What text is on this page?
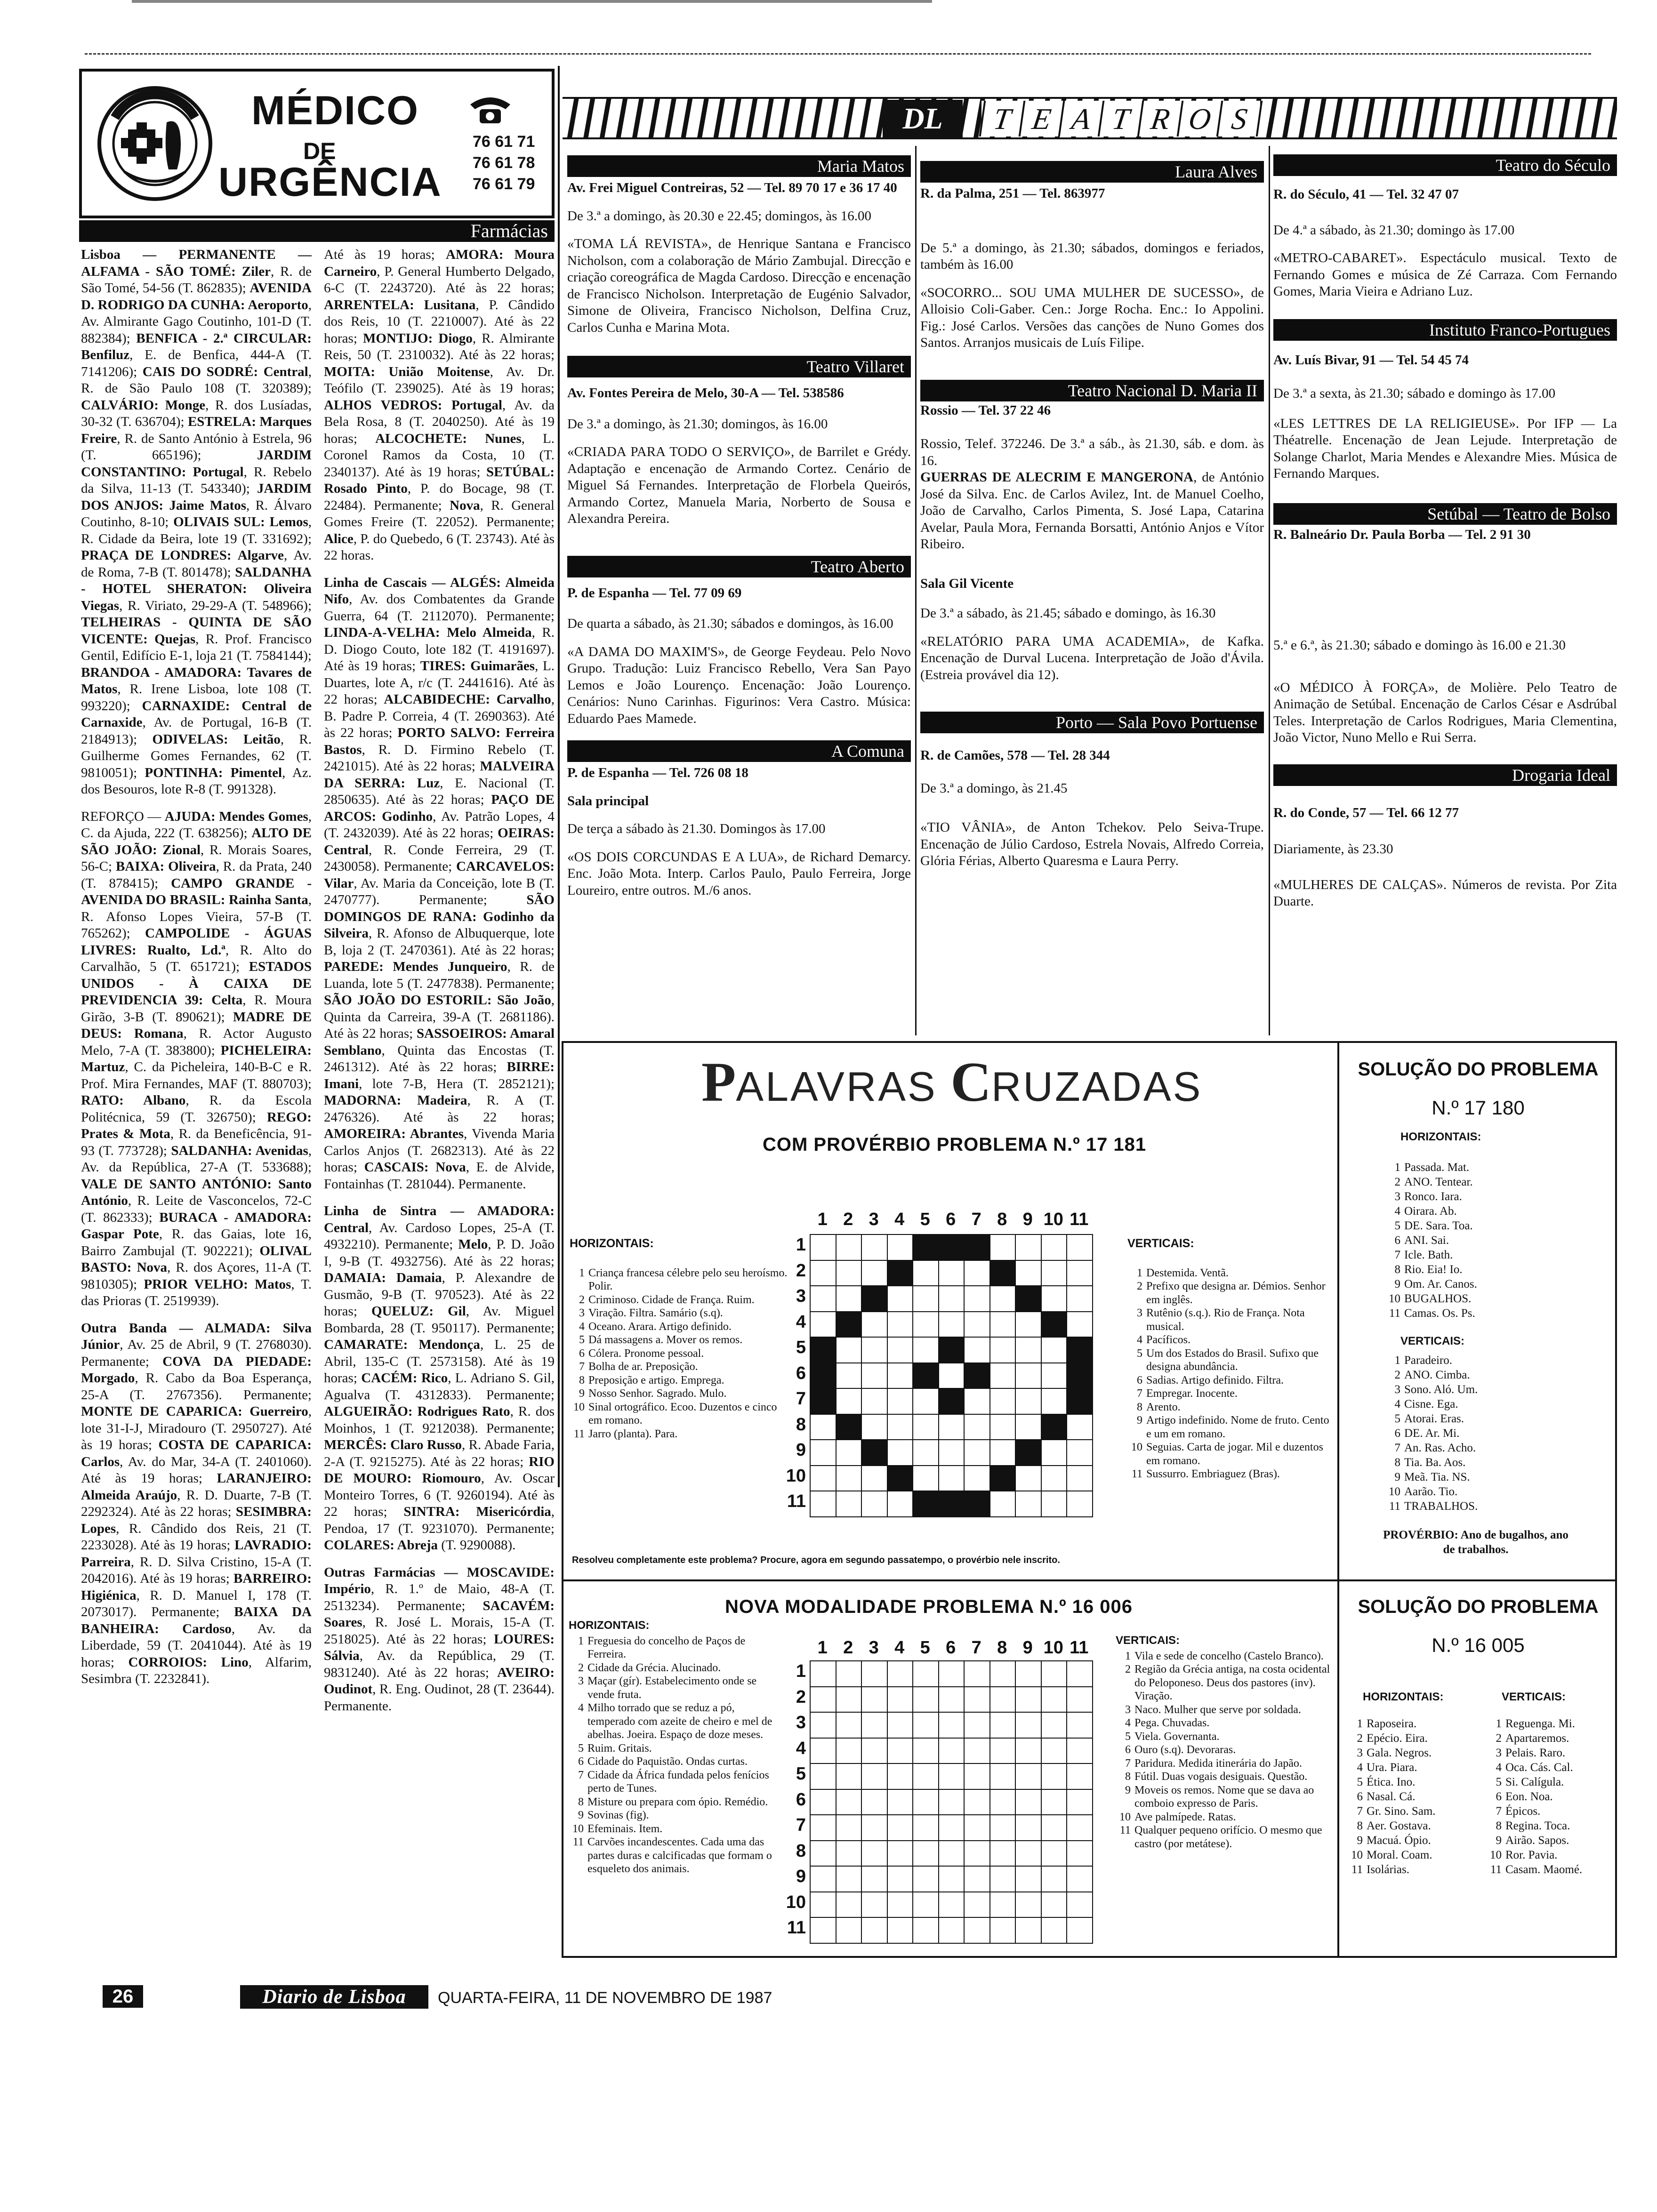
MÉDICO
DE
URGÊNCIA
76 61 71
76 61 78
76 61 79
Farmácias

Lisboa — PERMANENTE — ALFAMA - SÃO TOMÉ: Ziler, R. de São Tomé, 54-56 (T. 862835); AVENIDA D. RODRIGO DA CUNHA: Aeroporto, Av. Almirante Gago Coutinho, 101-D (T. 882384); BENFICA - 2.ª CIRCULAR: Benfiluz, E. de Benfica, 444-A (T. 7141206); CAIS DO SODRÉ: Central, R. de São Paulo 108 (T. 320389); CALVÁRIO: Monge, R. dos Lusíadas, 30-32 (T. 636704); ESTRELA: Marques Freire, R. de Santo António à Estrela, 96 (T. 665196); JARDIM CONSTANTINO: Portugal, R. Rebelo da Silva, 11-13 (T. 543340); JARDIM DOS ANJOS: Jaime Matos, R. Álvaro Coutinho, 8-10; OLIVAIS SUL: Lemos, R. Cidade da Beira, lote 19 (T. 331692); PRAÇA DE LONDRES: Algarve, Av. de Roma, 7-B (T. 801478); SALDANHA - HOTEL SHERATON: Oliveira Viegas, R. Viriato, 29-29-A (T. 548966); TELHEIRAS - QUINTA DE SÃO VICENTE: Quejas, R. Prof. Francisco Gentil, Edifício E-1, loja 21 (T. 7584144); BRANDOA - AMADORA: Tavares de Matos, R. Irene Lisboa, lote 108 (T. 993220); CARNAXIDE: Central de Carnaxide, Av. de Portugal, 16-B (T. 2184913); ODIVELAS: Leitão, R. Guilherme Gomes Fernandes, 62 (T. 9810051); PONTINHA: Pimentel, Az. dos Besouros, lote R-8 (T. 991328).

REFORÇO — AJUDA: Mendes Gomes, C. da Ajuda, 222 (T. 638256); ALTO DE SÃO JOÃO: Zional, R. Morais Soares, 56-C; BAIXA: Oliveira, R. da Prata, 240 (T. 878415); CAMPO GRANDE - AVENIDA DO BRASIL: Rainha Santa, R. Afonso Lopes Vieira, 57-B (T. 765262); CAMPOLIDE - ÁGUAS LIVRES: Rualto, Ld.ª, R. Alto do Carvalhão, 5 (T. 651721); ESTADOS UNIDOS - À CAIXA DE PREVIDENCIA 39: Celta, R. Moura Girão, 3-B (T. 890621); MADRE DE DEUS: Romana, R. Actor Augusto Melo, 7-A (T. 383800); PICHELEIRA: Martuz, C. da Picheleira, 140-B-C e R. Prof. Mira Fernandes, MAF (T. 880703); RATO: Albano, R. da Escola Politécnica, 59 (T. 326750); REGO: Prates & Mota, R. da Beneficência, 91-93 (T. 773728); SALDANHA: Avenidas, Av. da República, 27-A (T. 533688); VALE DE SANTO ANTÓNIO: Santo António, R. Leite de Vasconcelos, 72-C (T. 862333); BURACA - AMADORA: Gaspar Pote, R. das Gaias, lote 16, Bairro Zambujal (T. 902221); OLIVAL BASTO: Nova, R. dos Açores, 11-A (T. 9810305); PRIOR VELHO: Matos, T. das Prioras (T. 2519939).

Outra Banda — ALMADA: Silva Júnior, Av. 25 de Abril, 9 (T. 2768030). Permanente; COVA DA PIEDADE: Morgado, R. Cabo da Boa Esperança, 25-A (T. 2767356). Permanente; MONTE DE CAPARICA: Guerreiro, lote 31-I-J, Miradouro (T. 2950727). Até às 19 horas; COSTA DE CAPARICA: Carlos, Av. do Mar, 34-A (T. 2401060). Até às 19 horas; LARANJEIRO: Almeida Araújo, R. D. Duarte, 7-B (T. 2292324). Até às 22 horas; SESIMBRA: Lopes, R. Cândido dos Reis, 21 (T. 2233028). Até às 19 horas; LAVRADIO: Parreira, R. D. Silva Cristino, 15-A (T. 2042016). Até às 19 horas; BARREIRO: Higiénica, R. D. Manuel I, 178 (T. 2073017). Permanente; BAIXA DA BANHEIRA: Cardoso, Av. da Liberdade, 59 (T. 2041044). Até às 19 horas; CORROIOS: Lino, Alfarim, Sesimbra (T. 2232841).

Até às 19 horas; AMORA: Moura Carneiro, P. General Humberto Delgado, 6-C (T. 2243720). Até às 22 horas; ARRENTELA: Lusitana, P. Cândido dos Reis, 10 (T. 2210007). Até às 22 horas; MONTIJO: Diogo, R. Almirante Reis, 50 (T. 2310032). Até às 22 horas; MOITA: União Moitense, Av. Dr. Teófilo (T. 239025). Até às 19 horas; ALHOS VEDROS: Portugal, Av. da Bela Rosa, 8 (T. 2040250). Até às 19 horas; ALCOCHETE: Nunes, L. Coronel Ramos da Costa, 10 (T. 2340137). Até às 19 horas; SETÚBAL: Rosado Pinto, P. do Bocage, 98 (T. 22484). Permanente; Nova, R. General Gomes Freire (T. 22052). Permanente; Alice, P. do Quebedo, 6 (T. 23743). Até às 22 horas.

Linha de Cascais — ALGÉS: Almeida Nifo, Av. dos Combatentes da Grande Guerra, 64 (T. 2112070). Permanente; LINDA-A-VELHA: Melo Almeida, R. D. Diogo Couto, lote 182 (T. 4191697). Até às 19 horas; TIRES: Guimarães, L. Duartes, lote A, r/c (T. 2441616). Até às 22 horas; ALCABIDECHE: Carvalho, B. Padre P. Correia, 4 (T. 2690363). Até às 22 horas; PORTO SALVO: Ferreira Bastos, R. D. Firmino Rebelo (T. 2421015). Até às 22 horas; MALVEIRA DA SERRA: Luz, E. Nacional (T. 2850635). Até às 22 horas; PAÇO DE ARCOS: Godinho, Av. Patrão Lopes, 4 (T. 2432039). Até às 22 horas; OEIRAS: Central, R. Conde Ferreira, 29 (T. 2430058). Permanente; CARCAVELOS: Vilar, Av. Maria da Conceição, lote B (T. 2470777). Permanente; SÃO DOMINGOS DE RANA: Godinho da Silveira, R. Afonso de Albuquerque, lote B, loja 2 (T. 2470361). Até às 22 horas; PAREDE: Mendes Junqueiro, R. de Luanda, lote 5 (T. 2477838). Permanente; SÃO JOÃO DO ESTORIL: São João, Quinta da Carreira, 39-A (T. 2681186). Até às 22 horas; SASSOEIROS: Amaral Semblano, Quinta das Encostas (T. 2461312). Até às 22 horas; BIRRE: Imani, lote 7-B, Hera (T. 2852121); MADORNA: Madeira, R. A (T. 2476326). Até às 22 horas; AMOREIRA: Abrantes, Vivenda Maria Carlos Anjos (T. 2682313). Até às 22 horas; CASCAIS: Nova, E. de Alvide, Fontainhas (T. 281044). Permanente.

Linha de Sintra — AMADORA: Central, Av. Cardoso Lopes, 25-A (T. 4932210). Permanente; Melo, P. D. João I, 9-B (T. 4932756). Até às 22 horas; DAMAIA: Damaia, P. Alexandre de Gusmão, 9-B (T. 970523). Até às 22 horas; QUELUZ: Gil, Av. Miguel Bombarda, 28 (T. 950117). Permanente; CAMARATE: Mendonça, L. 25 de Abril, 135-C (T. 2573158). Até às 19 horas; CACÉM: Rico, L. Adriano S. Gil, Agualva (T. 4312833). Permanente; ALGUEIRÃO: Rodrigues Rato, R. dos Moinhos, 1 (T. 9212038). Permanente; MERCÊS: Claro Russo, R. Abade Faria, 2-A (T. 9215275). Até às 22 horas; RIO DE MOURO: Riomouro, Av. Oscar Monteiro Torres, 6 (T. 9260194). Até às 22 horas; SINTRA: Misericórdia, Pendoa, 17 (T. 9231070). Permanente; COLARES: Abreja (T. 9290088).

Outras Farmácias — MOSCAVIDE: Império, R. 1.º de Maio, 48-A (T. 2513234). Permanente; SACAVÉM: Soares, R. José L. Morais, 15-A (T. 2518025). Até às 22 horas; LOURES: Sálvia, Av. da República, 29 (T. 9831240). Até às 22 horas; AVEIRO: Oudinot, R. Eng. Oudinot, 28 (T. 23644). Permanente.

DL	T E A T R O S
Maria Matos
Av. Frei Miguel Contreiras, 52 — Tel. 89 70 17 e 36 17 40
De 3.ª a domingo, às 20.30 e 22.45; domingos, às 16.00
«TOMA LÁ REVISTA», de Henrique Santana e Francisco Nicholson, com a colaboração de Mário Zambujal. Direcção e criação coreográfica de Magda Cardoso. Direcção e encenação de Francisco Nicholson. Interpretação de Eugénio Salvador, Simone de Oliveira, Francisco Nicholson, Delfina Cruz, Carlos Cunha e Marina Mota.
Teatro Villaret
Av. Fontes Pereira de Melo, 30-A — Tel. 538586
De 3.ª a domingo, às 21.30; domingos, às 16.00
«CRIADA PARA TODO O SERVIÇO», de Barrilet e Grédy. Adaptação e encenação de Armando Cortez. Cenário de Miguel Sá Fernandes. Interpretação de Florbela Queirós, Armando Cortez, Manuela Maria, Norberto de Sousa e Alexandra Pereira.
Teatro Aberto
P. de Espanha — Tel. 77 09 69
De quarta a sábado, às 21.30; sábados e domingos, às 16.00
«A DAMA DO MAXIM'S», de George Feydeau. Pelo Novo Grupo. Tradução: Luiz Francisco Rebello, Vera San Payo Lemos e João Lourenço. Encenação: João Lourenço. Cenários: Nuno Carinhas. Figurinos: Vera Castro. Música: Eduardo Paes Mamede.
A Comuna
P. de Espanha — Tel. 726 08 18
Sala principal
De terça a sábado às 21.30. Domingos às 17.00
«OS DOIS CORCUNDAS E A LUA», de Richard Demarcy. Enc. João Mota. Interp. Carlos Paulo, Paulo Ferreira, Jorge Loureiro, entre outros. M./6 anos.
Laura Alves
R. da Palma, 251 — Tel. 863977
De 5.ª a domingo, às 21.30; sábados, domingos e feriados, também às 16.00
«SOCORRO... SOU UMA MULHER DE SUCESSO», de Alloisio Coli-Gaber. Cen.: Jorge Rocha. Enc.: Io Appolini. Fig.: José Carlos. Versões das canções de Nuno Gomes dos Santos. Arranjos musicais de Luís Filipe.
Teatro Nacional D. Maria II
Rossio — Tel. 37 22 46
Rossio, Telef. 372246. De 3.ª a sáb., às 21.30, sáb. e dom. às 16.
GUERRAS DE ALECRIM E MANGERONA, de António José da Silva. Enc. de Carlos Avilez, Int. de Manuel Coelho, João de Carvalho, Carlos Pimenta, S. José Lapa, Catarina Avelar, Paula Mora, Fernanda Borsatti, António Anjos e Vítor Ribeiro.
Sala Gil Vicente
De 3.ª a sábado, às 21.45; sábado e domingo, às 16.30
«RELATÓRIO PARA UMA ACADEMIA», de Kafka. Encenação de Durval Lucena. Interpretação de João d'Ávila. (Estreia provável dia 12).
Porto — Sala Povo Portuense
R. de Camões, 578 — Tel. 28 344
De 3.ª a domingo, às 21.45
«TIO VÂNIA», de Anton Tchekov. Pelo Seiva-Trupe. Encenação de Júlio Cardoso, Estrela Novais, Alfredo Correia, Glória Férias, Alberto Quaresma e Laura Perry.
Teatro do Século
R. do Século, 41 — Tel. 32 47 07
De 4.ª a sábado, às 21.30; domingo às 17.00
«METRO-CABARET». Espectáculo musical. Texto de Fernando Gomes e música de Zé Carraza. Com Fernando Gomes, Maria Vieira e Adriano Luz.
Instituto Franco-Portugues
Av. Luís Bivar, 91 — Tel. 54 45 74
De 3.ª a sexta, às 21.30; sábado e domingo às 17.00
«LES LETTRES DE LA RELIGIEUSE». Por IFP — La Théatrelle. Encenação de Jean Lejude. Interpretação de Solange Charlot, Maria Mendes e Alexandre Mies. Música de Fernando Marques.
Setúbal — Teatro de Bolso
R. Balneário Dr. Paula Borba — Tel. 2 91 30
5.ª e 6.ª, às 21.30; sábado e domingo às 16.00 e 21.30
«O MÉDICO À FORÇA», de Molière. Pelo Teatro de Animação de Setúbal. Encenação de Carlos César e Asdrúbal Teles. Interpretação de Carlos Rodrigues, Maria Clementina, João Victor, Nuno Mello e Rui Serra.
Drogaria Ideal
R. do Conde, 57 — Tel. 66 12 77
Diariamente, às 23.30
«MULHERES DE CALÇAS». Números de revista. Por Zita Duarte.
PALAVRAS CRUZADAS
COM PROVÉRBIO PROBLEMA N.º 17 181
HORIZONTAIS:
1 Criança francesa célebre pelo seu heroísmo. Polir.
2 Criminoso. Cidade de França. Ruim.
3 Viração. Filtra. Samário (s.q).
4 Oceano. Arara. Artigo definido.
5 Dá massagens a. Mover os remos.
6 Cólera. Pronome pessoal.
7 Bolha de ar. Preposição.
8 Preposição e artigo. Emprega.
9 Nosso Senhor. Sagrado. Mulo.
10 Sinal ortográfico. Ecoo. Duzentos e cinco em romano.
11 Jarro (planta). Para.
VERTICAIS:
1 Destemida. Ventã.
2 Prefixo que designa ar. Démios. Senhor em inglês.
3 Rutênio (s.q.). Rio de França. Nota musical.
4 Pacíficos.
5 Um dos Estados do Brasil. Sufixo que designa abundância.
6 Sadias. Artigo definido. Filtra.
7 Empregar. Inocente.
8 Arento.
9 Artigo indefinido. Nome de fruto. Cento e um em romano.
10 Seguias. Carta de jogar. Mil e duzentos em romano.
11 Sussurro. Embriaguez (Bras).
1 2 3 4 5 6 7 8 9 10 11
1
2
3
4
5
6
7
8
9
10
11
Resolveu completamente este problema? Procure, agora em segundo passatempo, o provérbio nele inscrito.
SOLUÇÃO DO PROBLEMA
N.º 17 180
HORIZONTAIS:
1 Passada. Mat.
2 ANO. Tentear.
3 Ronco. Iara.
4 Oirara. Ab.
5 DE. Sara. Toa.
6 ANI. Sai.
7 Icle. Bath.
8 Rio. Eia! Io.
9 Om. Ar. Canos.
10 BUGALHOS.
11 Camas. Os. Ps.
VERTICAIS:
1 Paradeiro.
2 ANO. Cimba.
3 Sono. Aló. Um.
4 Cisne. Ega.
5 Atorai. Eras.
6 DE. Ar. Mi.
7 An. Ras. Acho.
8 Tia. Ba. Aos.
9 Meã. Tia. NS.
10 Aarão. Tio.
11 TRABALHOS.
PROVÉRBIO: Ano de bugalhos, ano de trabalhos.
NOVA MODALIDADE PROBLEMA N.º 16 006
HORIZONTAIS:
1 Freguesia do concelho de Paços de Ferreira.
2 Cidade da Grécia. Alucinado.
3 Maçar (gír). Estabelecimento onde se vende fruta.
4 Milho torrado que se reduz a pó, temperado com azeite de cheiro e mel de abelhas. Joeira. Espaço de doze meses.
5 Ruim. Gritais.
6 Cidade do Paquistão. Ondas curtas.
7 Cidade da África fundada pelos fenícios perto de Tunes.
8 Misture ou prepara com ópio. Remédio.
9 Sovinas (fig).
10 Efeminais. Item.
11 Carvões incandescentes. Cada uma das partes duras e calcificadas que formam o esqueleto dos animais.
VERTICAIS:
1 Vila e sede de concelho (Castelo Branco).
2 Região da Grécia antiga, na costa ocidental do Peloponeso. Deus dos pastores (inv). Viração.
3 Naco. Mulher que serve por soldada.
4 Pega. Chuvadas.
5 Viela. Governanta.
6 Ouro (s.q). Devoraras.
7 Paridura. Medida itinerária do Japão.
8 Fútil. Duas vogais desiguais. Questão.
9 Moveis os remos. Nome que se dava ao comboio expresso de Paris.
10 Ave palmípede. Ratas.
11 Qualquer pequeno orifício. O mesmo que castro (por metátese).
1 2 3 4 5 6 7 8 9 10 11
1
2
3
4
5
6
7
8
9
10
11
SOLUÇÃO DO PROBLEMA
N.º 16 005
HORIZONTAIS:
1 Raposeira.
2 Epécio. Eira.
3 Gala. Negros.
4 Ura. Piara.
5 Ética. Ino.
6 Nasal. Cá.
7 Gr. Sino. Sam.
8 Aer. Gostava.
9 Macuá. Ópio.
10 Moral. Coam.
11 Isolárias.
VERTICAIS:
1 Reguenga. Mi.
2 Apartaremos.
3 Pelais. Raro.
4 Oca. Cás. Cal.
5 Si. Calígula.
6 Eon. Noa.
7 Épicos.
8 Regina. Toca.
9 Airão. Sapos.
10 Ror. Pavia.
11 Casam. Maomé.
26	Diario de Lisboa	QUARTA-FEIRA, 11 DE NOVEMBRO DE 1987
